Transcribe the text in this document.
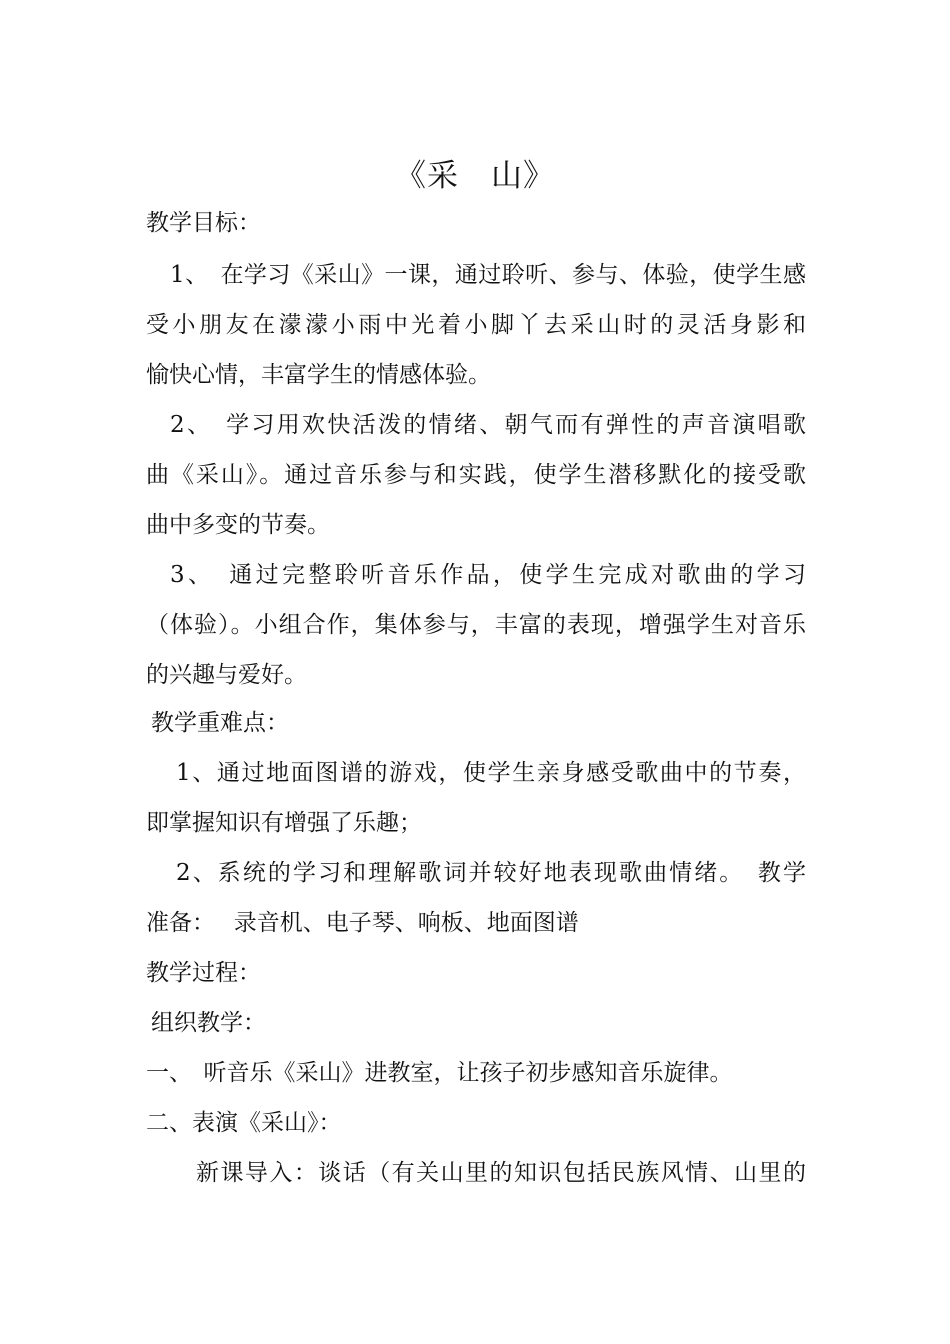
《采　山》
教学目标：
1、　在学习《采山》一课，通过聆听、参与、体验，使学生感
受小朋友在濛濛小雨中光着小脚丫去采山时的灵活身影和
愉快心情，丰富学生的情感体验。
2、　学习用欢快活泼的情绪、朝气而有弹性的声音演唱歌
曲《采山》。通过音乐参与和实践，使学生潜移默化的接受歌
曲中多变的节奏。
3、　通过完整聆听音乐作品，使学生完成对歌曲的学习
（体验）。小组合作，集体参与，丰富的表现，增强学生对音乐
的兴趣与爱好。
教学重难点：
1、通过地面图谱的游戏，使学生亲身感受歌曲中的节奏，
即掌握知识有增强了乐趣；
2、系统的学习和理解歌词并较好地表现歌曲情绪。　教学
准备：　 录音机、电子琴、响板、地面图谱
教学过程：
组织教学：
一、　听音乐《采山》进教室，让孩子初步感知音乐旋律。
二、表演《采山》：
新课导入：谈话（有关山里的知识包括民族风情、山里的
